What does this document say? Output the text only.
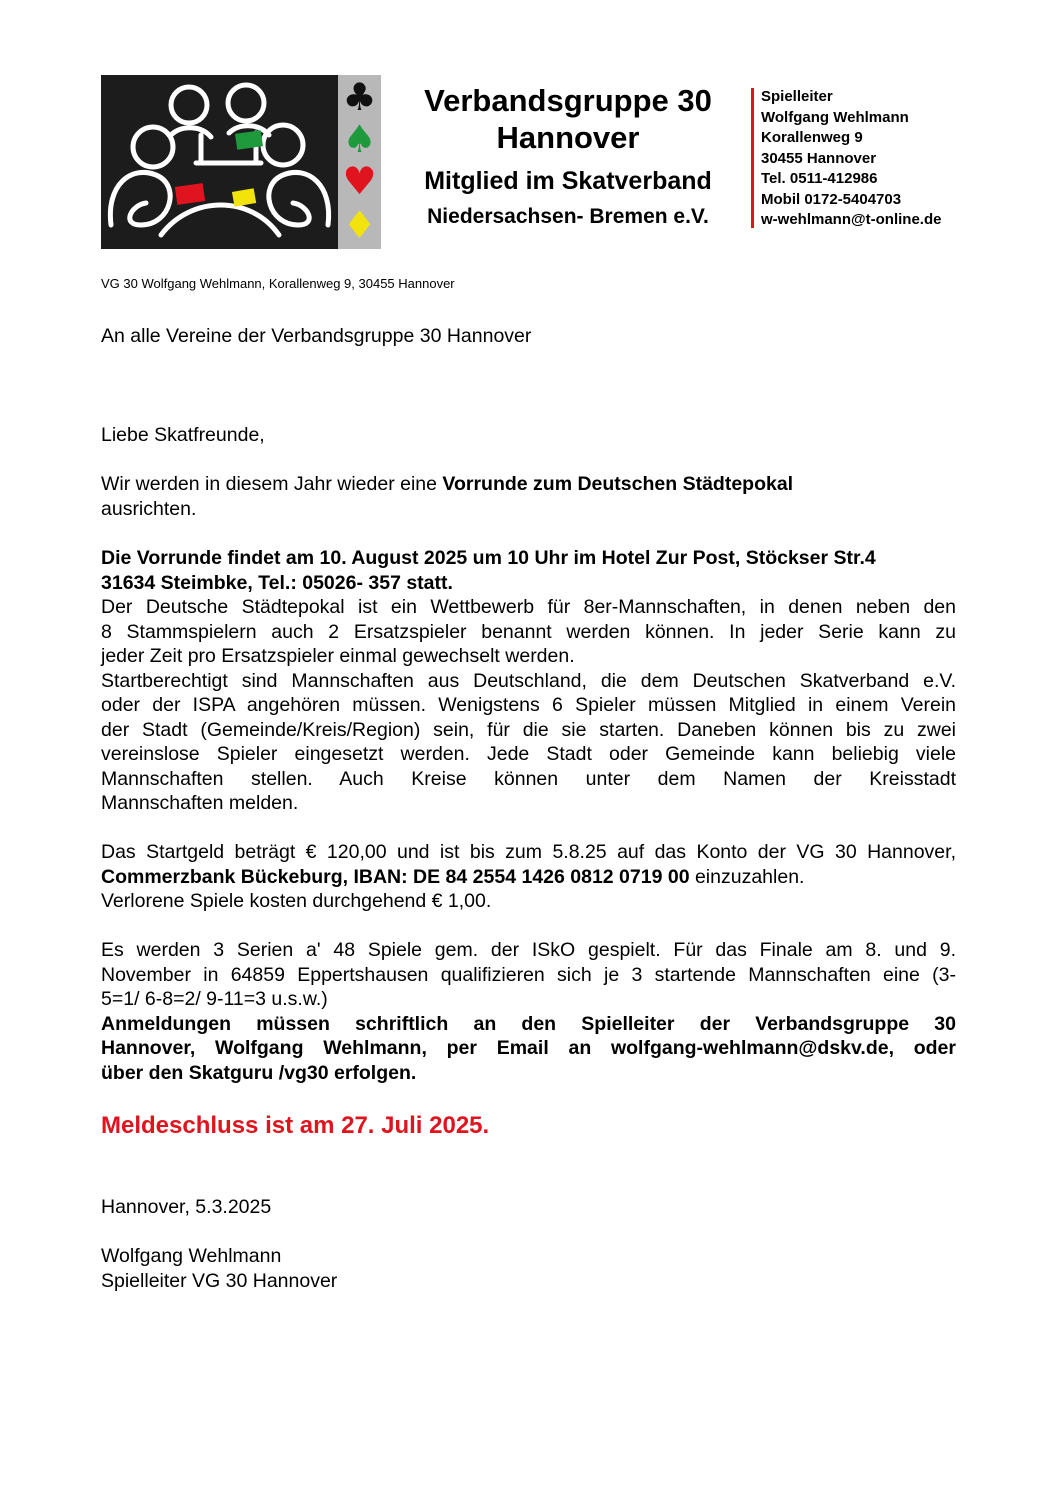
♣
♠
♥
♦
Verbandsgruppe 30
Hannover
Mitglied im Skatverband
Niedersachsen- Bremen e.V.
Spielleiter
Wolfgang Wehlmann
Korallenweg 9
30455 Hannover
Tel. 0511-412986
Mobil 0172-5404703
w-wehlmann@t-online.de
VG 30 Wolfgang Wehlmann, Korallenweg 9, 30455 Hannover
An alle Vereine der Verbandsgruppe 30 Hannover
Liebe Skatfreunde,
Wir werden in diesem Jahr wieder eine Vorrunde zum Deutschen Städtepokal
ausrichten.
Die Vorrunde findet am 10. August 2025 um 10 Uhr im Hotel Zur Post, Stöckser Str.4
31634 Steimbke, Tel.: 05026- 357 statt.
Der Deutsche Städtepokal ist ein Wettbewerb für 8er-Mannschaften, in denen neben den
8 Stammspielern auch 2 Ersatzspieler benannt werden können. In jeder Serie kann zu
jeder Zeit pro Ersatzspieler einmal gewechselt werden.
Startberechtigt sind Mannschaften aus Deutschland, die dem Deutschen Skatverband e.V.
oder der ISPA angehören müssen. Wenigstens 6 Spieler müssen Mitglied in einem Verein
der Stadt (Gemeinde/Kreis/Region) sein, für die sie starten. Daneben können bis zu zwei
vereinslose Spieler eingesetzt werden. Jede Stadt oder Gemeinde kann beliebig viele
Mannschaften stellen. Auch Kreise können unter dem Namen der Kreisstadt
Mannschaften melden.
Das Startgeld beträgt € 120,00 und ist bis zum 5.8.25 auf das Konto der VG 30 Hannover,
Commerzbank Bückeburg, IBAN: DE 84 2554 1426 0812 0719 00 einzuzahlen.
Verlorene Spiele kosten durchgehend € 1,00.
Es werden 3 Serien a' 48 Spiele gem. der ISkO gespielt. Für das Finale am 8. und 9.
November in 64859 Eppertshausen qualifizieren sich je 3 startende Mannschaften eine (3-
5=1/ 6-8=2/ 9-11=3 u.s.w.)
Anmeldungen müssen schriftlich an den Spielleiter der Verbandsgruppe 30
Hannover, Wolfgang Wehlmann, per Email an wolfgang-wehlmann@dskv.de, oder
über den Skatguru /vg30 erfolgen.
Meldeschluss ist am 27. Juli 2025.
Hannover, 5.3.2025
Wolfgang Wehlmann
Spielleiter VG 30 Hannover
